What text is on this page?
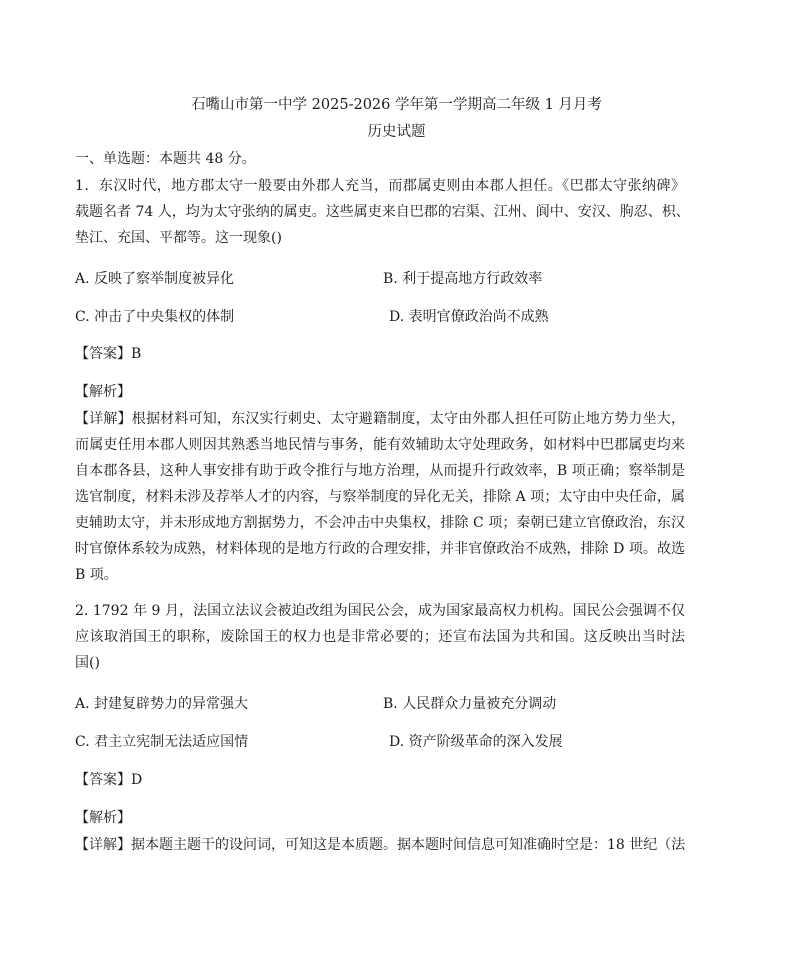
石嘴山市第一中学 2025-2026 学年第一学期高二年级 1 月月考
历史试题
一、单选题：本题共 48 分。
1．东汉时代，地方郡太守一般要由外郡人充当，而郡属吏则由本郡人担任。《巴郡太守张纳碑》
载题名者 74 人，均为太守张纳的属吏。这些属吏来自巴郡的宕渠、江州、阆中、安汉、朐忍、枳、
垫江、充国、平都等。这一现象()
A. 反映了察举制度被异化	B. 利于提高地方行政效率
C. 冲击了中央集权的体制	D. 表明官僚政治尚不成熟
【答案】B
【解析】
【详解】根据材料可知，东汉实行刺史、太守避籍制度，太守由外郡人担任可防止地方势力坐大，
而属吏任用本郡人则因其熟悉当地民情与事务，能有效辅助太守处理政务，如材料中巴郡属吏均来
自本郡各县，这种人事安排有助于政令推行与地方治理，从而提升行政效率，B 项正确；察举制是
选官制度，材料未涉及荐举人才的内容，与察举制度的异化无关，排除 A 项；太守由中央任命，属
吏辅助太守，并未形成地方割据势力，不会冲击中央集权，排除 C 项；秦朝已建立官僚政治，东汉
时官僚体系较为成熟，材料体现的是地方行政的合理安排，并非官僚政治不成熟，排除 D 项。故选
B 项。
2. 1792 年 9 月，法国立法议会被迫改组为国民公会，成为国家最高权力机构。国民公会强调不仅
应该取消国王的职称，废除国王的权力也是非常必要的；还宣布法国为共和国。这反映出当时法
国()
A. 封建复辟势力的异常强大	B. 人民群众力量被充分调动
C. 君主立宪制无法适应国情	D. 资产阶级革命的深入发展
【答案】D
【解析】
【详解】据本题主题干的设问词，可知这是本质题。据本题时间信息可知准确时空是：18 世纪（法
